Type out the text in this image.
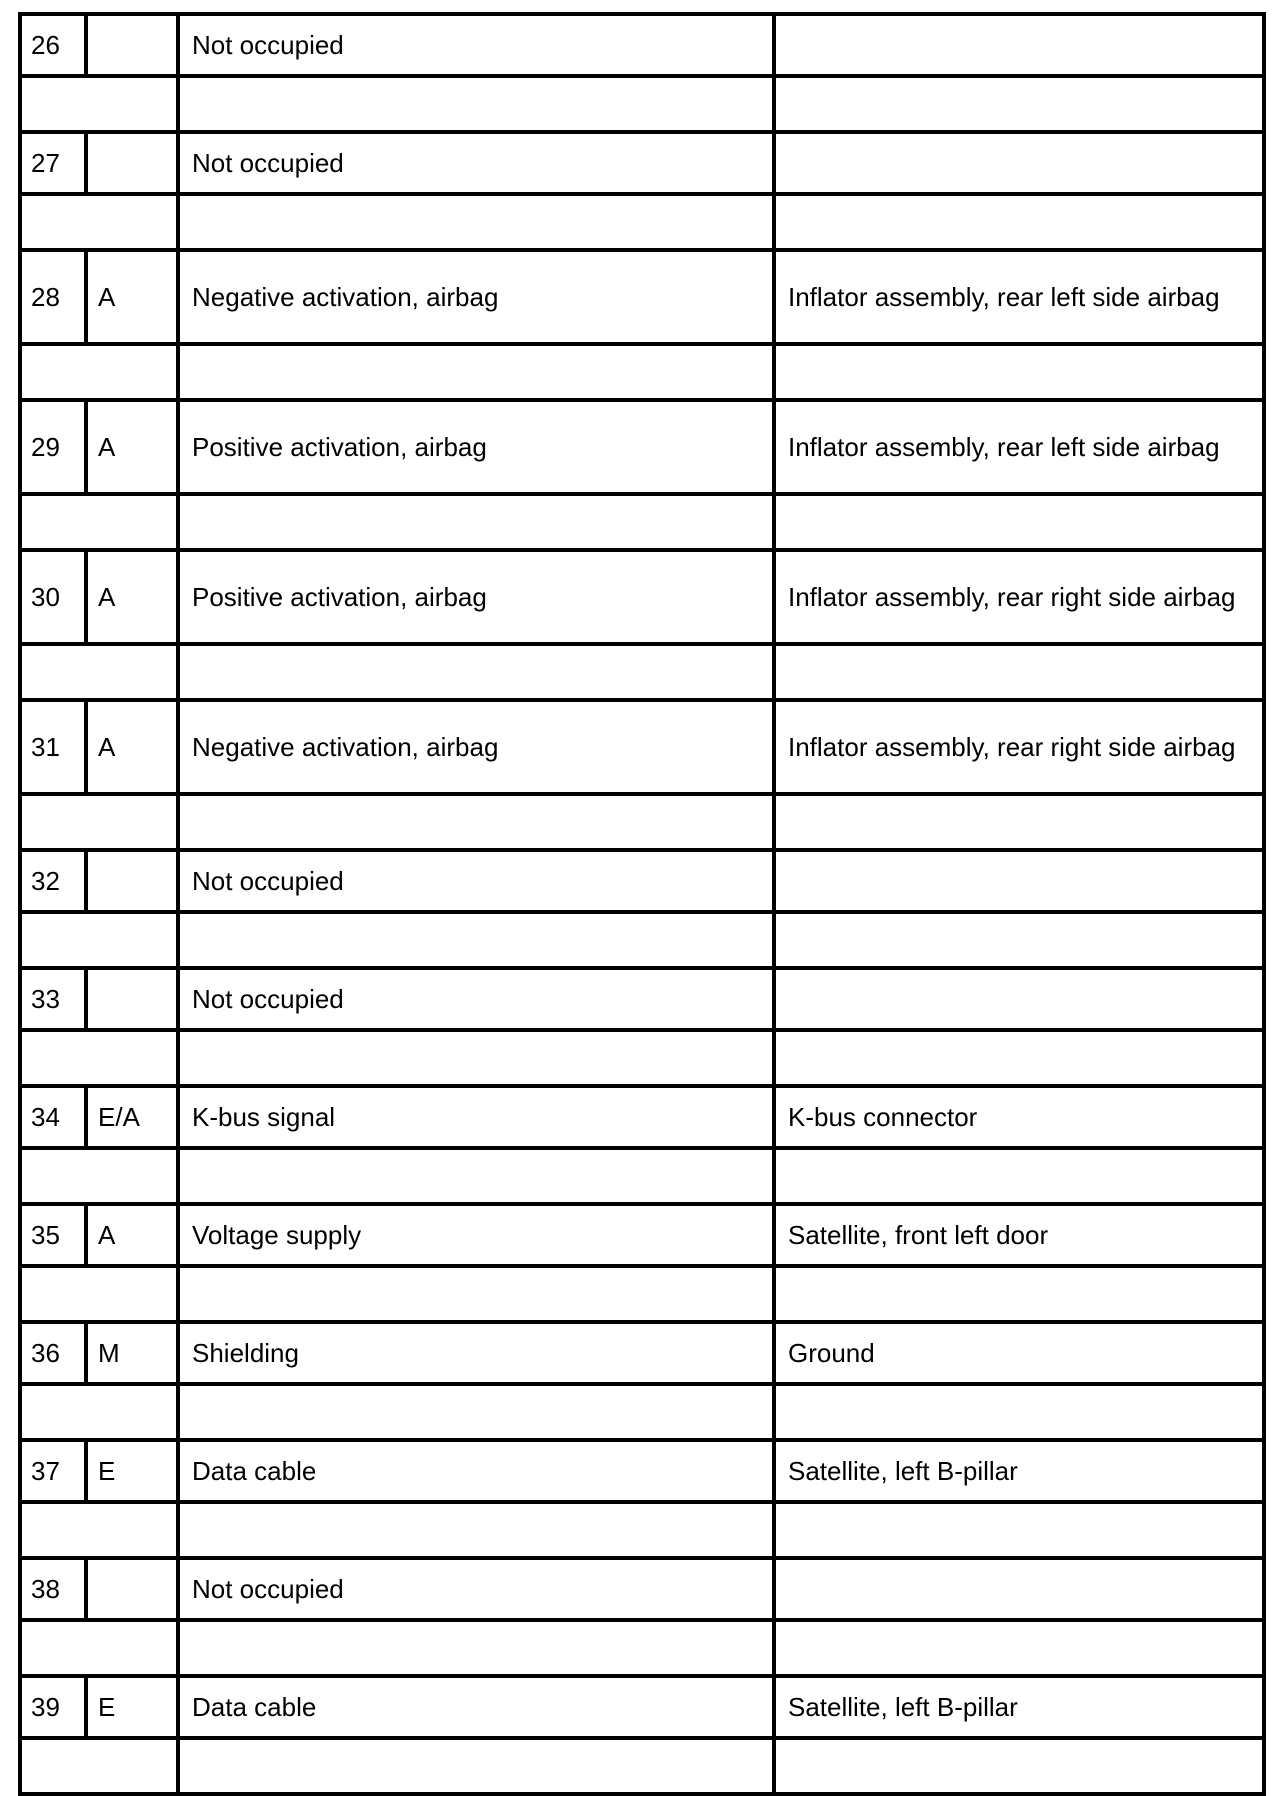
26		Not occupied	

27		Not occupied	

28	A	Negative activation, airbag	Inflator assembly, rear left side airbag

29	A	Positive activation, airbag	Inflator assembly, rear left side airbag

30	A	Positive activation, airbag	Inflator assembly, rear right side airbag

31	A	Negative activation, airbag	Inflator assembly, rear right side airbag

32		Not occupied	

33		Not occupied	

34	E/A	K-bus signal	K-bus connector

35	A	Voltage supply	Satellite, front left door

36	M	Shielding	Ground

37	E	Data cable	Satellite, left B-pillar

38		Not occupied	

39	E	Data cable	Satellite, left B-pillar
